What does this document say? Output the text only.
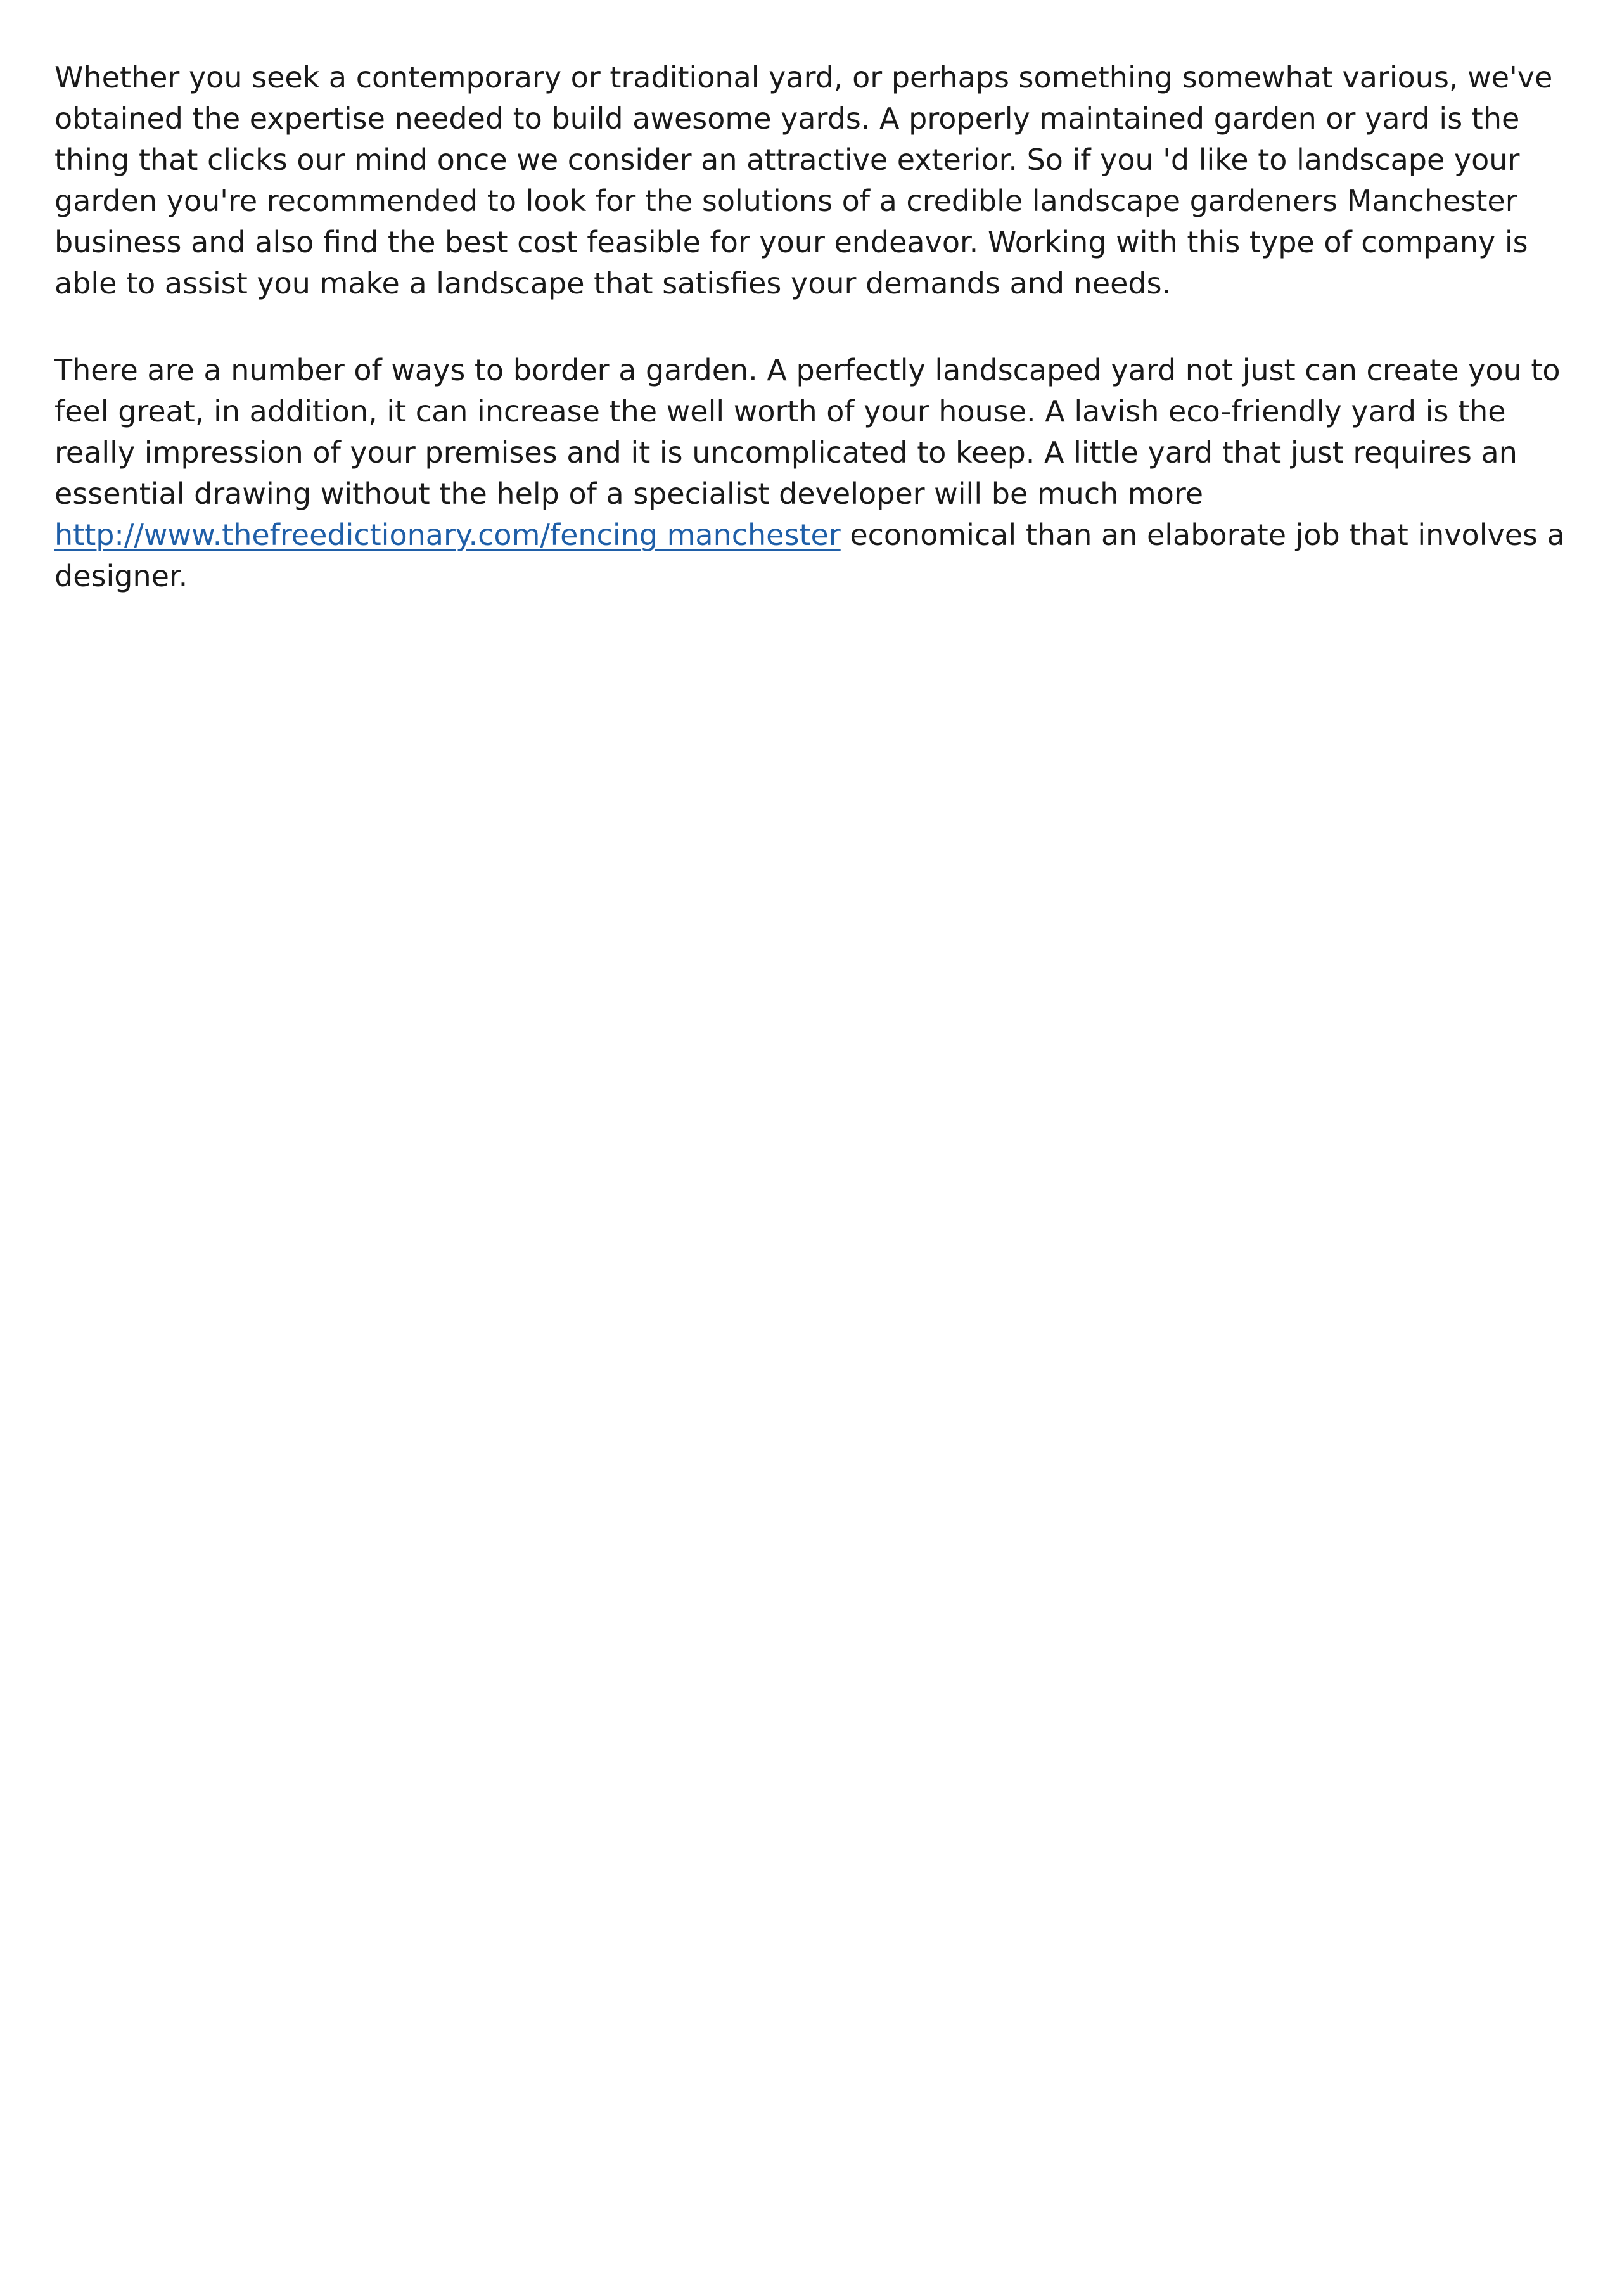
Whether you seek a contemporary or traditional yard, or perhaps something somewhat various, we've obtained the expertise needed to build awesome yards. A properly maintained garden or yard is the thing that clicks our mind once we consider an attractive exterior. So if you 'd like to landscape your garden you're recommended to look for the solutions of a credible landscape gardeners Manchester business and also find the best cost feasible for your endeavor. Working with this type of company is able to assist you make a landscape that satisfies your demands and needs.

There are a number of ways to border a garden. A perfectly landscaped yard not just can create you to feel great, in addition, it can increase the well worth of your house. A lavish eco-friendly yard is the really impression of your premises and it is uncomplicated to keep. A little yard that just requires an essential drawing without the help of a specialist developer will be much more http://www.thefreedictionary.com/fencing manchester economical than an elaborate job that involves a designer.
